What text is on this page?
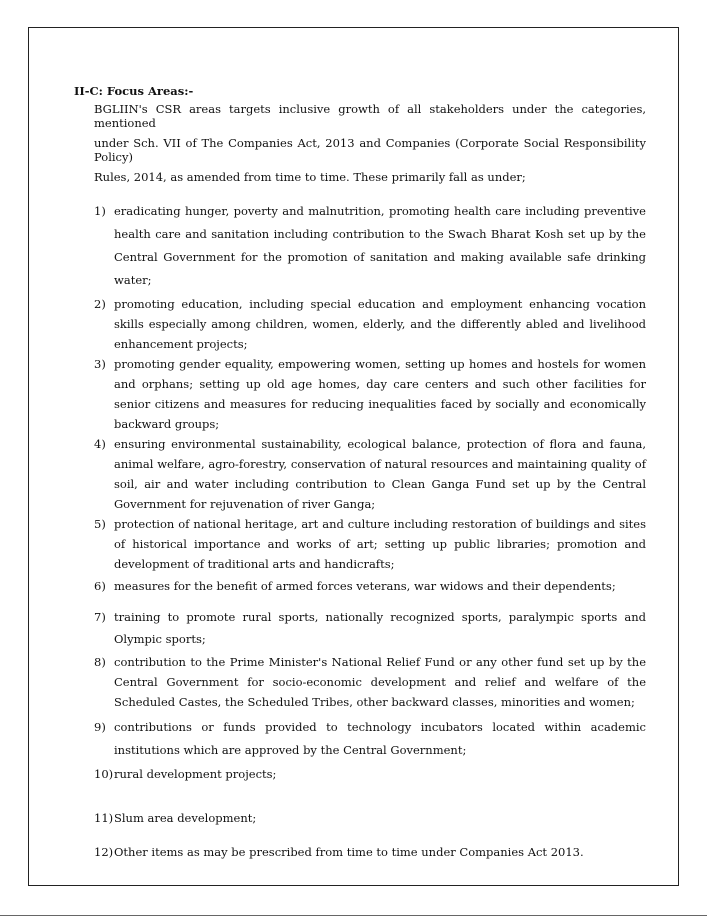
II-C: Focus Areas:-

BGLIIN's CSR areas targets inclusive growth of all stakeholders under the categories, mentioned
under Sch. VII of The Companies Act, 2013 and Companies (Corporate Social Responsibility Policy)
Rules, 2014, as amended from time to time. These primarily fall as under;
1) eradicating hunger, poverty and malnutrition, promoting health care including preventive health care and sanitation including contribution to the Swach Bharat Kosh set up by the Central Government for the promotion of sanitation and making available safe drinking water;
2) promoting education, including special education and employment enhancing vocation skills especially among children, women, elderly, and the differently abled and livelihood enhancement projects;
3) promoting gender equality, empowering women, setting up homes and hostels for women and orphans; setting up old age homes, day care centers and such other facilities for senior citizens and measures for reducing inequalities faced by socially and economically backward groups;
4) ensuring environmental sustainability, ecological balance, protection of flora and fauna, animal welfare, agro-forestry, conservation of natural resources and maintaining quality of soil, air and water including contribution to Clean Ganga Fund set up by the Central Government for rejuvenation of river Ganga;
5) protection of national heritage, art and culture including restoration of buildings and sites of historical importance and works of art; setting up public libraries; promotion and development of traditional arts and handicrafts;
6) measures for the benefit of armed forces veterans, war widows and their dependents;
7) training to promote rural sports, nationally recognized sports, paralympic sports and Olympic sports;
8) contribution to the Prime Minister's National Relief Fund or any other fund set up by the Central Government for socio-economic development and relief and welfare of the Scheduled Castes, the Scheduled Tribes, other backward classes, minorities and women;
9) contributions or funds provided to technology incubators located within academic institutions which are approved by the Central Government;
10) rural development projects;
11) Slum area development;
12) Other items as may be prescribed from time to time under Companies Act 2013.
